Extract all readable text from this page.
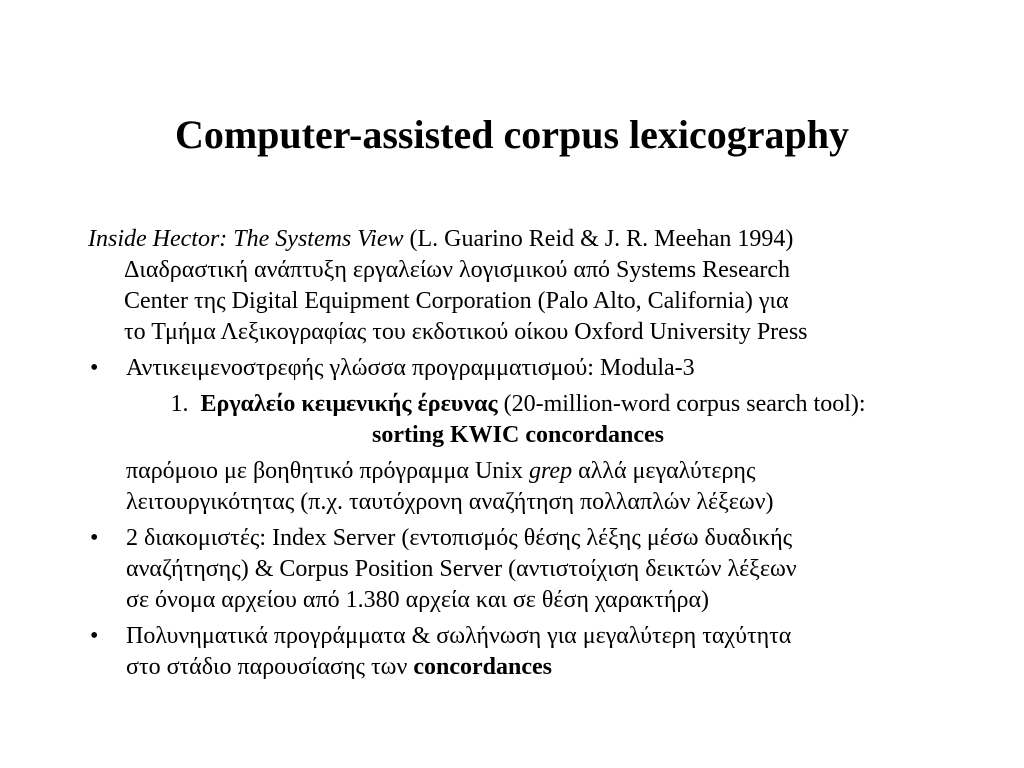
Computer-assisted corpus lexicography
Inside Hector: The Systems View (L. Guarino Reid & J. R. Meehan 1994)
Διαδραστική ανάπτυξη εργαλείων λογισμικού από Systems Research
Center της Digital Equipment Corporation (Palo Alto, California) για
το Τμήμα Λεξικογραφίας του εκδοτικού οίκου Oxford University Press
•	Αντικειμενοστρεφής γλώσσα προγραμματισμού: Modula-3
1. Εργαλείο κειμενικής έρευνας (20-million-word corpus search tool):
sorting KWIC concordances
παρόμοιο με βοηθητικό πρόγραμμα Unix grep αλλά μεγαλύτερης
λειτουργικότητας (π.χ. ταυτόχρονη αναζήτηση πολλαπλών λέξεων)
•	2 διακομιστές: Index Server (εντοπισμός θέσης λέξης μέσω δυαδικής
αναζήτησης) & Corpus Position Server (αντιστοίχιση δεικτών λέξεων
σε όνομα αρχείου από 1.380 αρχεία και σε θέση χαρακτήρα)
•	Πολυνηματικά προγράμματα & σωλήνωση για μεγαλύτερη ταχύτητα
στο στάδιο παρουσίασης των concordances
